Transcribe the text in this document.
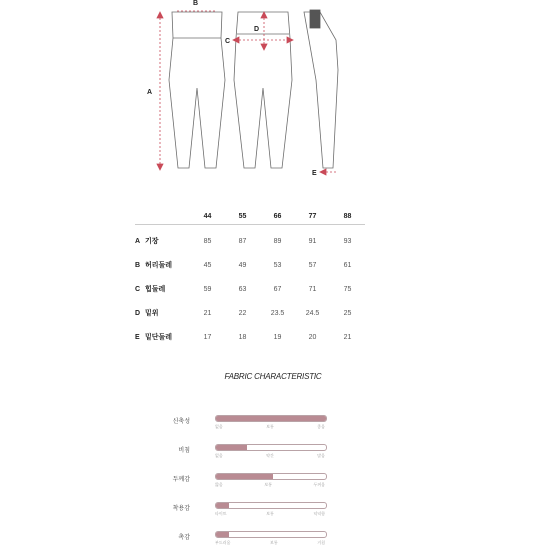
A
B
C
D
E
44	55	66	77	88
A 기장	85	87	89	91	93
B 허리둘레	45	49	53	57	61
C 힙둘레	59	63	67	71	75
D 밑위	21	22	23.5	24.5	25
E 밑단둘레	17	18	19	20	21
FABRIC CHARACTERISTIC
신축성
없음	보통	좋음
비침
없음	약간	많음
두께감
얇음	보통	두꺼움
착용감
타이트	보통	넉넉함
촉감
부드러움	보통	거침
